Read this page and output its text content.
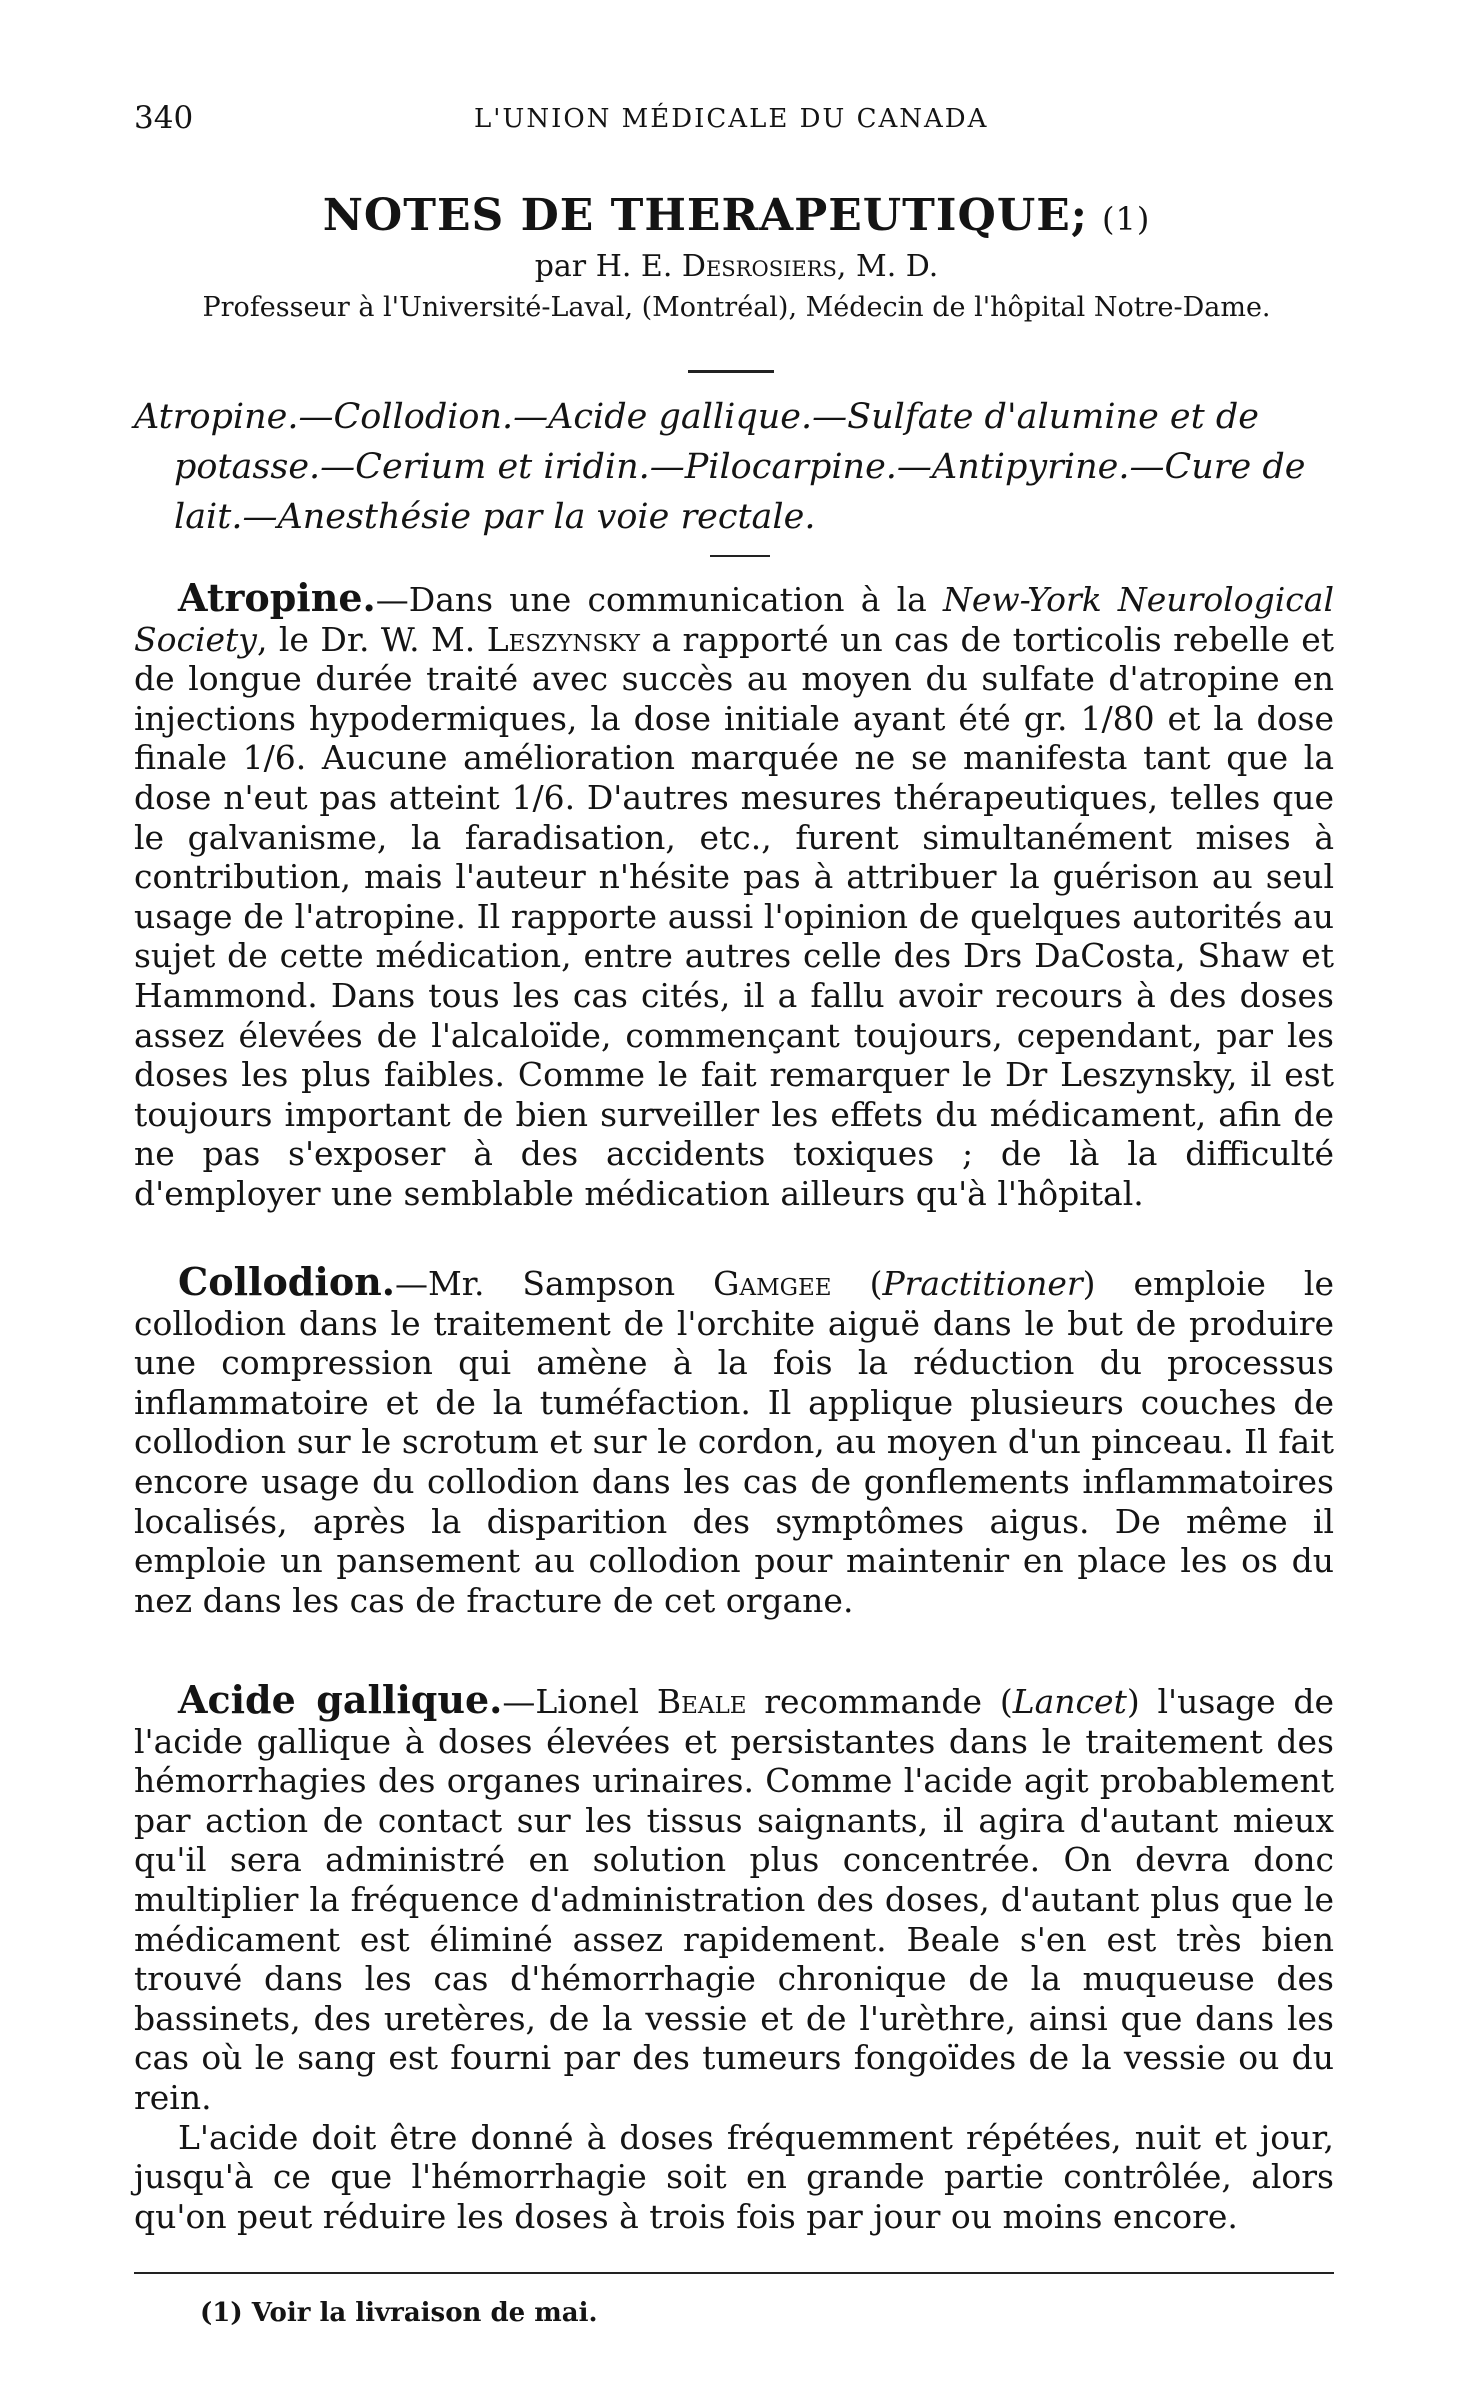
340	L'UNION MÉDICALE DU CANADA
NOTES DE THERAPEUTIQUE; (1)
par H. E. Desrosiers, M. D.
Professeur à l'Université-Laval, (Montréal), Médecin de l'hôpital Notre-Dame.
Atropine.—Collodion.—Acide gallique.—Sulfate d'alumine et de potasse.—Cerium et iridin.—Pilocarpine.—Antipyrine.—Cure de lait.—Anesthésie par la voie rectale.
Atropine.—Dans une communication à la New-York Neurological Society, le Dr. W. M. Leszynsky a rapporté un cas de torticolis rebelle et de longue durée traité avec succès au moyen du sulfate d'atropine en injections hypodermiques, la dose initiale ayant été gr. 1/80 et la dose finale 1/6. Aucune amélioration marquée ne se manifesta tant que la dose n'eut pas atteint 1/6. D'autres mesures thérapeutiques, telles que le galvanisme, la faradisation, etc., furent simultanément mises à contribution, mais l'auteur n'hésite pas à attribuer la guérison au seul usage de l'atropine. Il rapporte aussi l'opinion de quelques autorités au sujet de cette médication, entre autres celle des Drs DaCosta, Shaw et Hammond. Dans tous les cas cités, il a fallu avoir recours à des doses assez élevées de l'alcaloïde, commençant toujours, cependant, par les doses les plus faibles. Comme le fait remarquer le Dr Leszynsky, il est toujours important de bien surveiller les effets du médicament, afin de ne pas s'exposer à des accidents toxiques ; de là la difficulté d'employer une semblable médication ailleurs qu'à l'hôpital.
Collodion.—Mr. Sampson Gamgee (Practitioner) emploie le collodion dans le traitement de l'orchite aiguë dans le but de produire une compression qui amène à la fois la réduction du processus inflammatoire et de la tuméfaction. Il applique plusieurs couches de collodion sur le scrotum et sur le cordon, au moyen d'un pinceau. Il fait encore usage du collodion dans les cas de gonflements inflammatoires localisés, après la disparition des symptômes aigus. De même il emploie un pansement au collodion pour maintenir en place les os du nez dans les cas de fracture de cet organe.
Acide gallique.—Lionel Beale recommande (Lancet) l'usage de l'acide gallique à doses élevées et persistantes dans le traitement des hémorrhagies des organes urinaires. Comme l'acide agit probablement par action de contact sur les tissus saignants, il agira d'autant mieux qu'il sera administré en solution plus concentrée. On devra donc multiplier la fréquence d'administration des doses, d'autant plus que le médicament est éliminé assez rapidement. Beale s'en est très bien trouvé dans les cas d'hémorrhagie chronique de la muqueuse des bassinets, des uretères, de la vessie et de l'urèthre, ainsi que dans les cas où le sang est fourni par des tumeurs fongoïdes de la vessie ou du rein.
L'acide doit être donné à doses fréquemment répétées, nuit et jour, jusqu'à ce que l'hémorrhagie soit en grande partie contrôlée, alors qu'on peut réduire les doses à trois fois par jour ou moins encore.
(1) Voir la livraison de mai.
